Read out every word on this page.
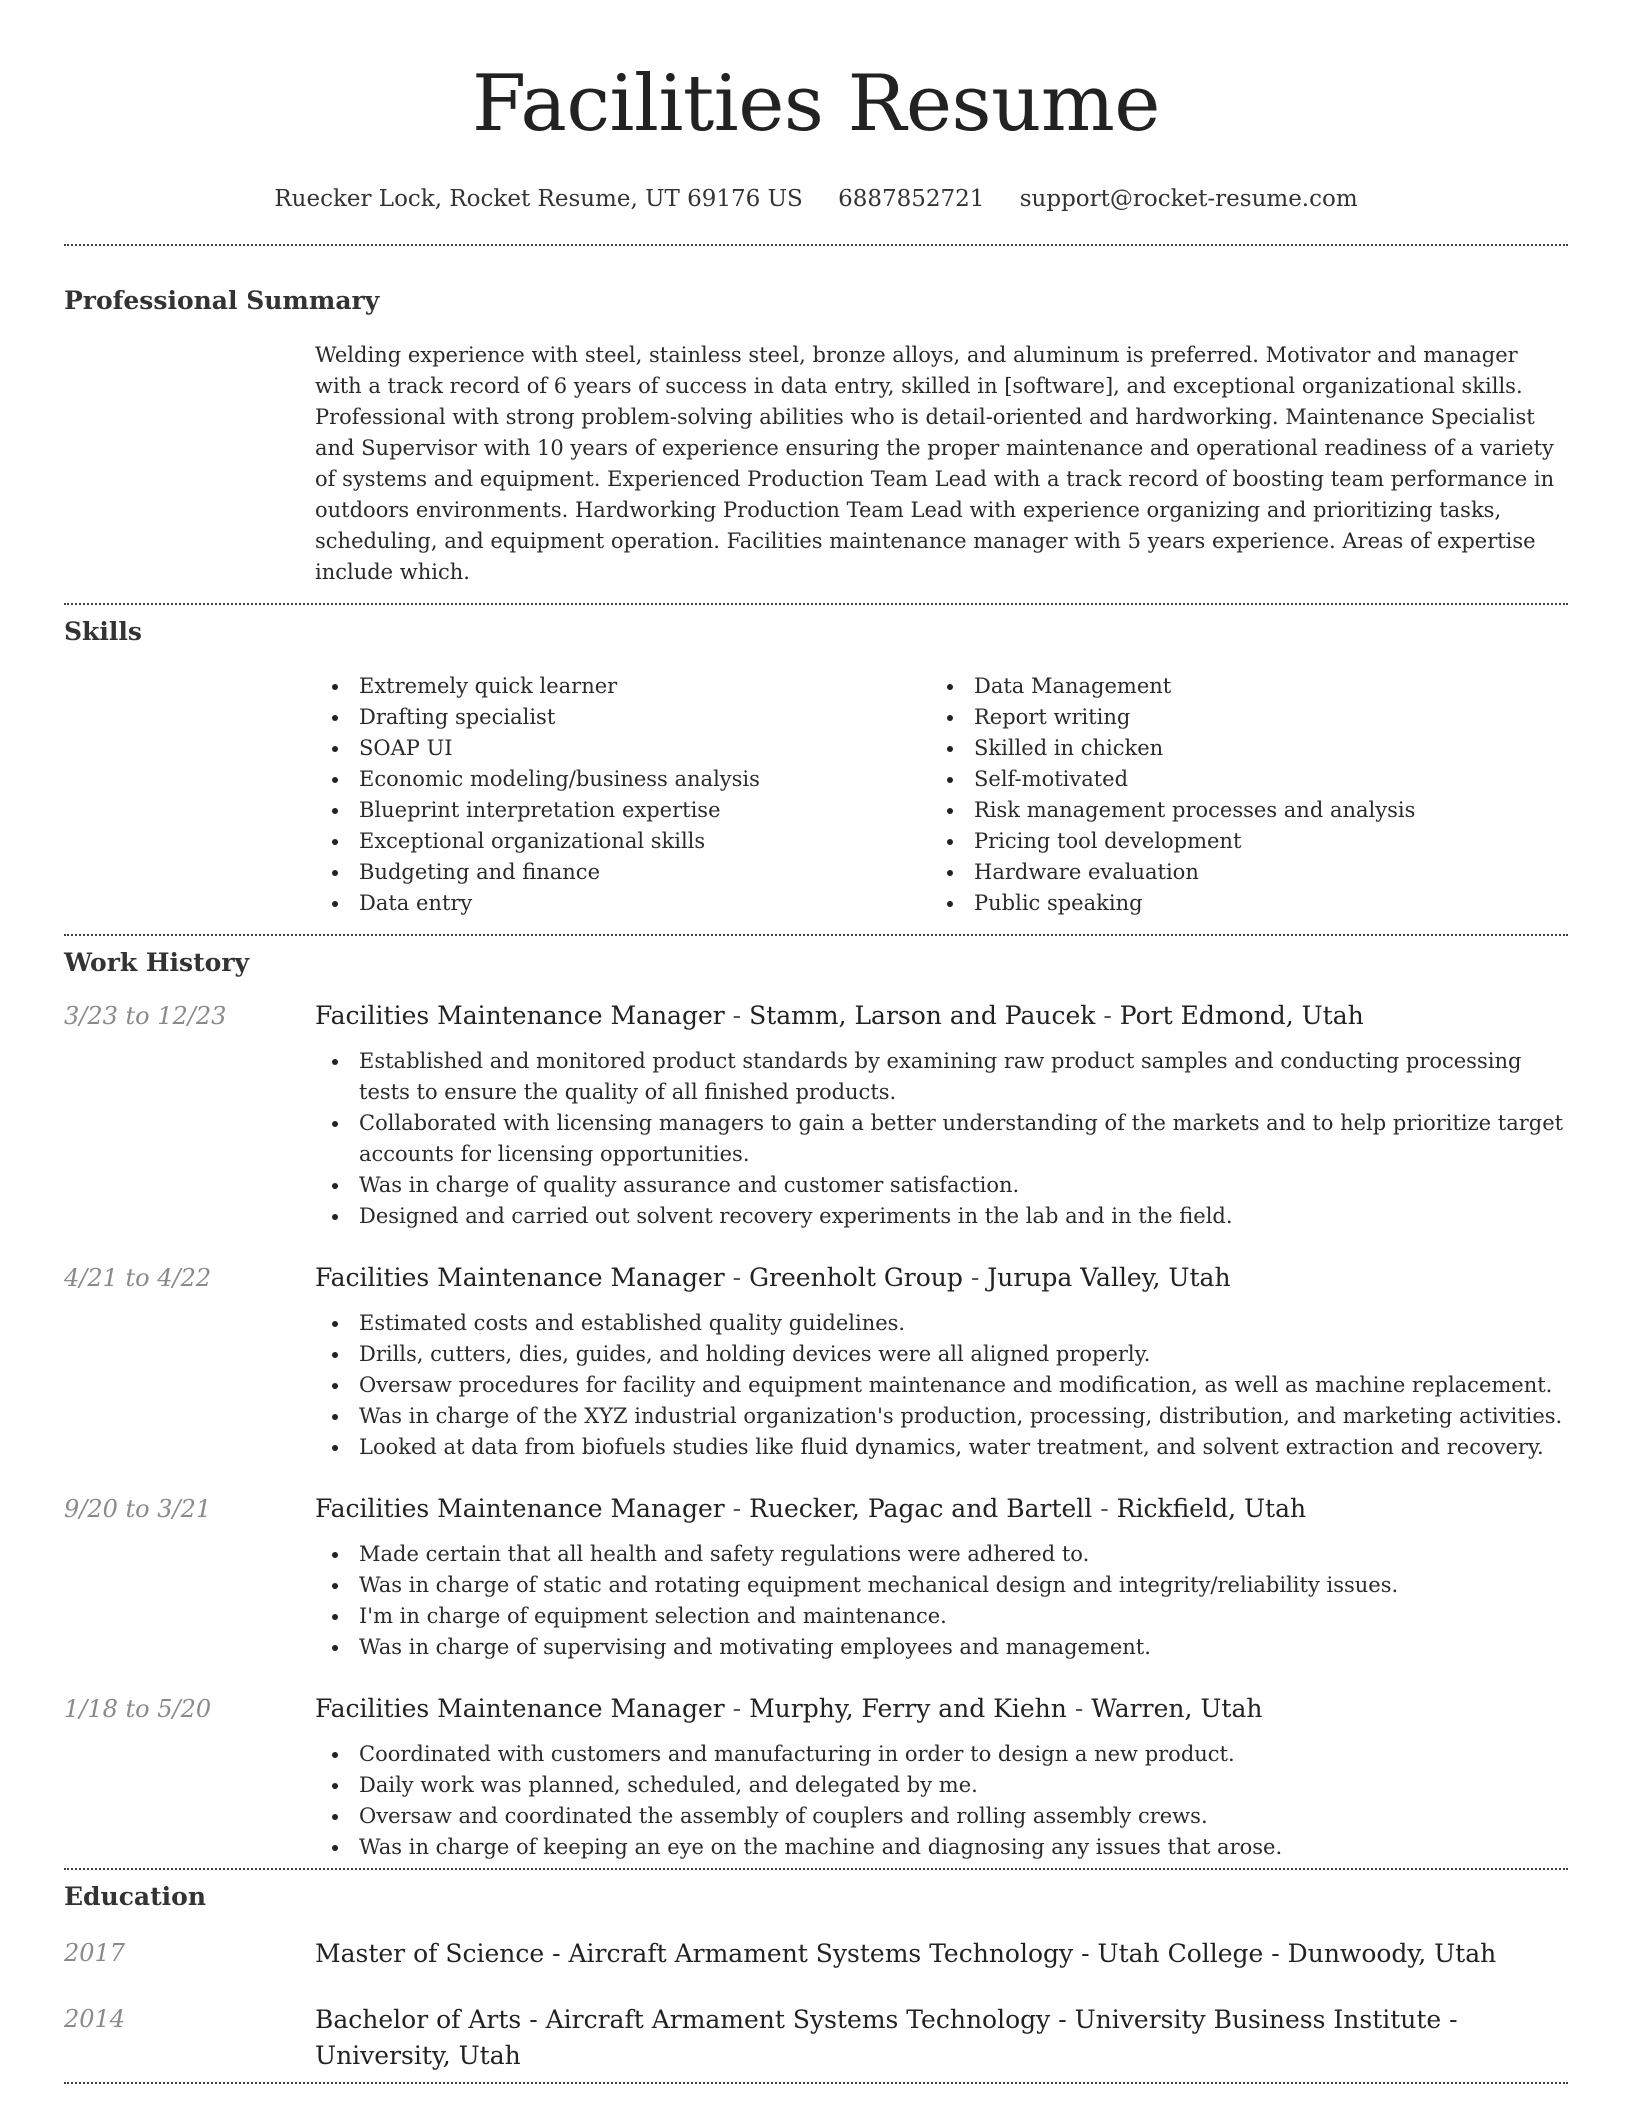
Facilities Resume
Ruecker Lock, Rocket Resume, UT 69176 US 6887852721 support@rocket-resume.com
Professional Summary

Welding experience with steel, stainless steel, bronze alloys, and aluminum is preferred. Motivator and manager with a track record of 6 years of success in data entry, skilled in [software], and exceptional organizational skills. Professional with strong problem-solving abilities who is detail-oriented and hardworking. Maintenance Specialist and Supervisor with 10 years of experience ensuring the proper maintenance and operational readiness of a variety of systems and equipment. Experienced Production Team Lead with a track record of boosting team performance in outdoors environments. Hardworking Production Team Lead with experience organizing and prioritizing tasks, scheduling, and equipment operation. Facilities maintenance manager with 5 years experience. Areas of expertise include which.

Skills
Extremely quick learner
Drafting specialist
SOAP UI
Economic modeling/business analysis
Blueprint interpretation expertise
Exceptional organizational skills
Budgeting and finance
Data entry
Data Management
Report writing
Skilled in chicken
Self-motivated
Risk management processes and analysis
Pricing tool development
Hardware evaluation
Public speaking
Work History
3/23 to 12/23	Facilities Maintenance Manager - Stamm, Larson and Paucek - Port Edmond, Utah
Established and monitored product standards by examining raw product samples and conducting processing tests to ensure the quality of all finished products.
Collaborated with licensing managers to gain a better understanding of the markets and to help prioritize target accounts for licensing opportunities.
Was in charge of quality assurance and customer satisfaction.
Designed and carried out solvent recovery experiments in the lab and in the field.
4/21 to 4/22	Facilities Maintenance Manager - Greenholt Group - Jurupa Valley, Utah
Estimated costs and established quality guidelines.
Drills, cutters, dies, guides, and holding devices were all aligned properly.
Oversaw procedures for facility and equipment maintenance and modification, as well as machine replacement.
Was in charge of the XYZ industrial organization's production, processing, distribution, and marketing activities.
Looked at data from biofuels studies like fluid dynamics, water treatment, and solvent extraction and recovery.
9/20 to 3/21	Facilities Maintenance Manager - Ruecker, Pagac and Bartell - Rickfield, Utah
Made certain that all health and safety regulations were adhered to.
Was in charge of static and rotating equipment mechanical design and integrity/reliability issues.
I'm in charge of equipment selection and maintenance.
Was in charge of supervising and motivating employees and management.
1/18 to 5/20	Facilities Maintenance Manager - Murphy, Ferry and Kiehn - Warren, Utah
Coordinated with customers and manufacturing in order to design a new product.
Daily work was planned, scheduled, and delegated by me.
Oversaw and coordinated the assembly of couplers and rolling assembly crews.
Was in charge of keeping an eye on the machine and diagnosing any issues that arose.
Education
2017	Master of Science - Aircraft Armament Systems Technology - Utah College - Dunwoody, Utah
2014	Bachelor of Arts - Aircraft Armament Systems Technology - University Business Institute - University, Utah
